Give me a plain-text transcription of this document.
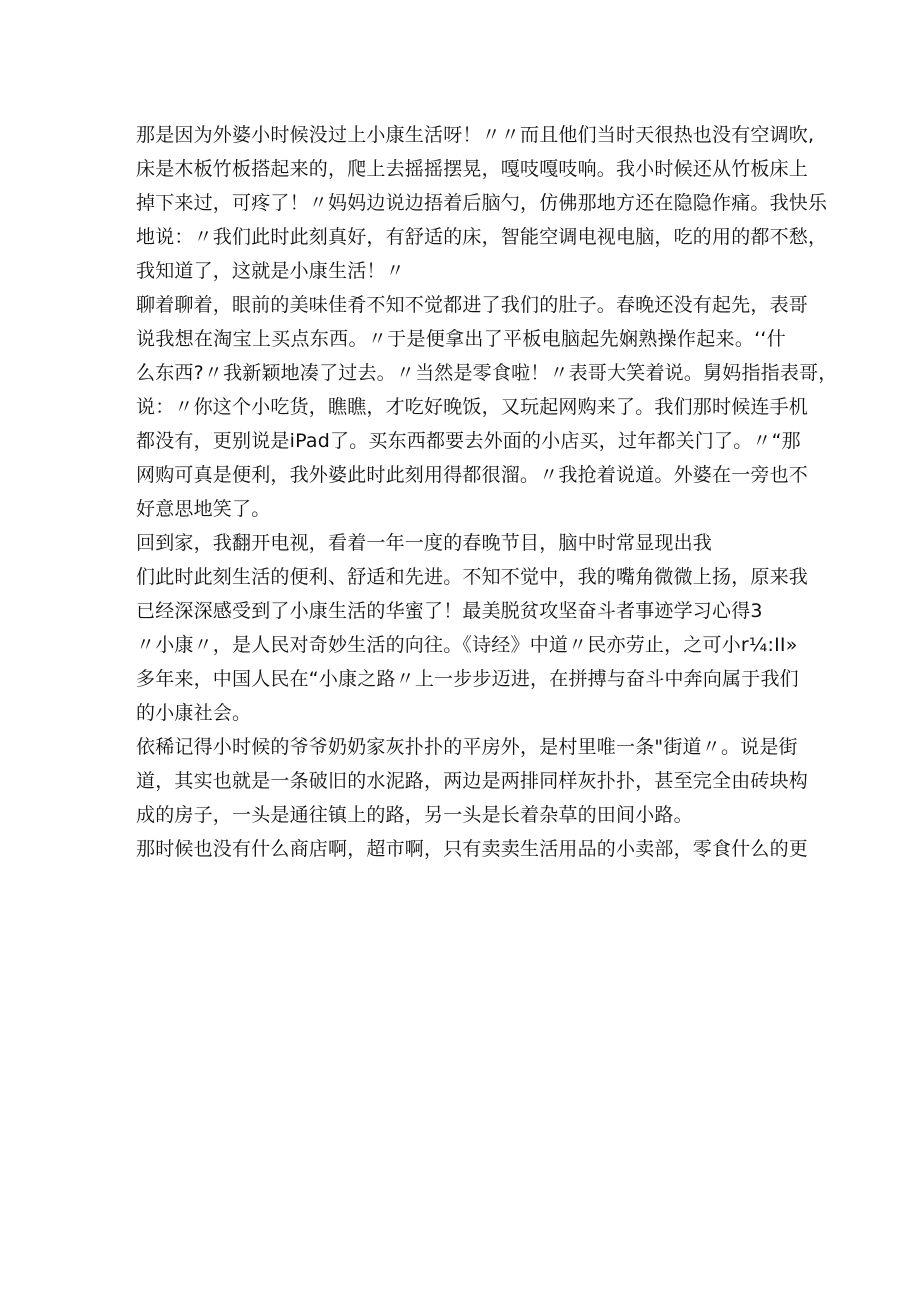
那是因为外婆小时候没过上小康生活呀！〃〃而且他们当时天很热也没有空调吹,
床是木板竹板搭起来的，爬上去摇摇摆晃，嘎吱嘎吱响。我小时候还从竹板床上
掉下来过，可疼了！〃妈妈边说边捂着后脑勺，仿佛那地方还在隐隐作痛。我快乐
地说：〃我们此时此刻真好，有舒适的床，智能空调电视电脑，吃的用的都不愁，
我知道了，这就是小康生活！〃
聊着聊着，眼前的美味佳肴不知不觉都进了我们的肚子。春晚还没有起先，表哥
说我想在淘宝上买点东西。〃于是便拿出了平板电脑起先娴熟操作起来。‘‘什
么东西?〃我新颖地凑了过去。〃当然是零食啦！〃表哥大笑着说。舅妈指指表哥，
说：〃你这个小吃货，瞧瞧，才吃好晚饭，又玩起网购来了。我们那时候连手机
都没有，更别说是iPad了。买东西都要去外面的小店买，过年都关门了。〃“那
网购可真是便利，我外婆此时此刻用得都很溜。〃我抢着说道。外婆在一旁也不
好意思地笑了。
回到家，我翻开电视，看着一年一度的春晚节目，脑中时常显现出我
们此时此刻生活的便利、舒适和先进。不知不觉中，我的嘴角微微上扬，原来我
已经深深感受到了小康生活的华蜜了！最美脱贫攻坚奋斗者事迹学习心得3
〃小康〃，是人民对奇妙生活的向往。《诗经》中道〃民亦劳止，之可小r¼:II»
多年来，中国人民在“小康之路〃上一步步迈进，在拼搏与奋斗中奔向属于我们
的小康社会。
依稀记得小时候的爷爷奶奶家灰扑扑的平房外，是村里唯一条"街道〃。说是街
道，其实也就是一条破旧的水泥路，两边是两排同样灰扑扑，甚至完全由砖块构
成的房子，一头是通往镇上的路，另一头是长着杂草的田间小路。
那时候也没有什么商店啊，超市啊，只有卖卖生活用品的小卖部，零食什么的更
